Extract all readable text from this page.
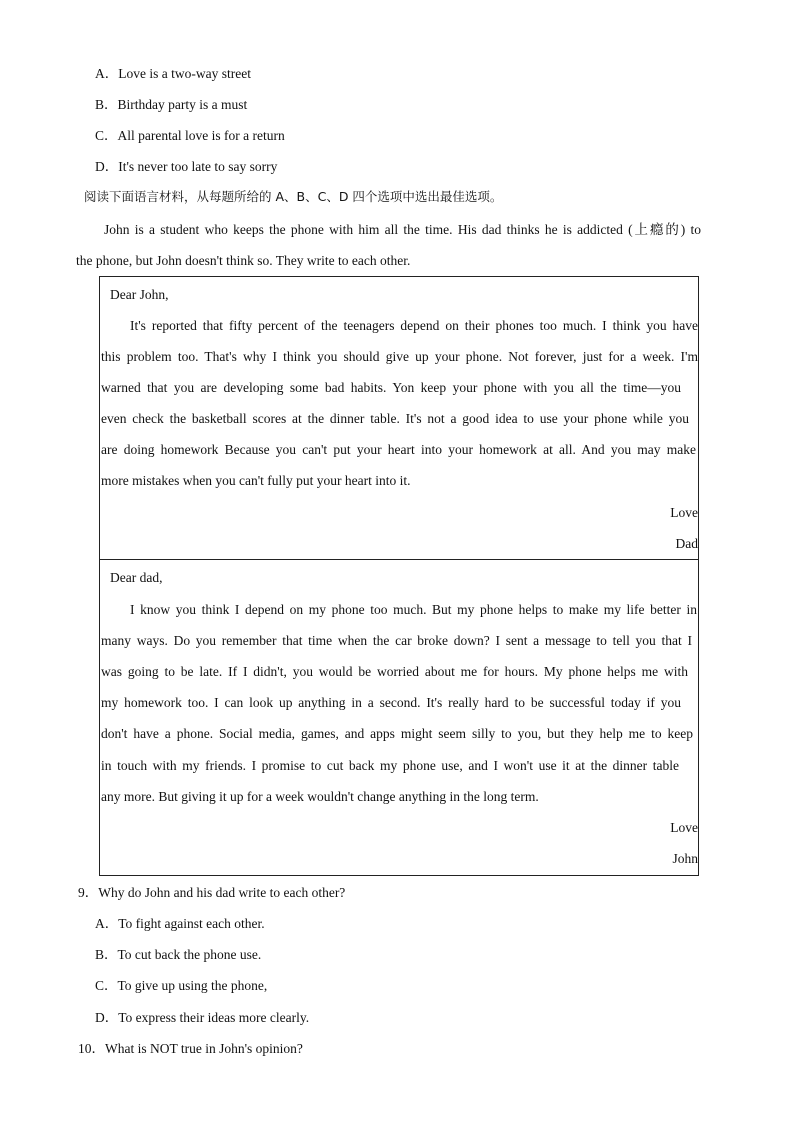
A．Love is a two-way street
B．Birthday party is a must
C．All parental love is for a return
D．It's never too late to say sorry
阅读下面语言材料，从每题所给的 A、B、C、D 四个选项中选出最佳选项。
John is a student who keeps the phone with him all the time. His dad thinks he is addicted (上瘾的) to
the phone, but John doesn't think so. They write to each other.
Dear John,
It's reported that fifty percent of the teenagers depend on their phones too much. I think you have
this problem too. That's why I think you should give up your phone. Not forever, just for a week. I'm
warned that you are developing some bad habits. Yon keep your phone with you all the time—you
even check the basketball scores at the dinner table. It's not a good idea to use your phone while you
are doing homework Because you can't put your heart into your homework at all. And you may make
more mistakes when you can't fully put your heart into it.
Love
Dad
Dear dad,
I know you think I depend on my phone too much. But my phone helps to make my life better in
many ways. Do you remember that time when the car broke down? I sent a message to tell you that I
was going to be late. If I didn't, you would be worried about me for hours. My phone helps me with
my homework too. I can look up anything in a second. It's really hard to be successful today if you
don't have a phone. Social media, games, and apps might seem silly to you, but they help me to keep
in touch with my friends. I promise to cut back my phone use, and I won't use it at the dinner table
any more. But giving it up for a week wouldn't change anything in the long term.
Love
John
9．Why do John and his dad write to each other?
A．To fight against each other.
B．To cut back the phone use.
C．To give up using the phone,
D．To express their ideas more clearly.
10．What is NOT true in John's opinion?
